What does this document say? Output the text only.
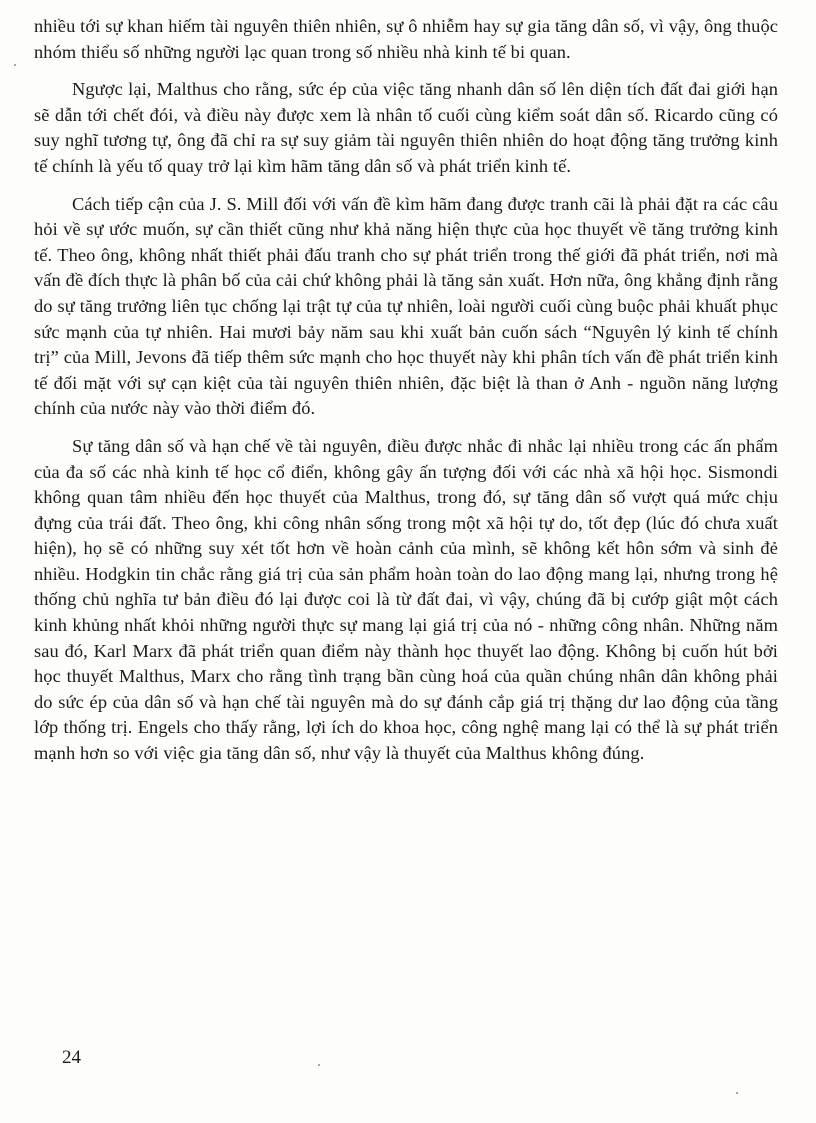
nhiều tới sự khan hiếm tài nguyên thiên nhiên, sự ô nhiễm hay sự gia tăng dân số, vì vậy, ông thuộc nhóm thiểu số những người lạc quan trong số nhiều nhà kinh tế bi quan.

Ngược lại, Malthus cho rằng, sức ép của việc tăng nhanh dân số lên diện tích đất đai giới hạn sẽ dẫn tới chết đói, và điều này được xem là nhân tố cuối cùng kiểm soát dân số. Ricardo cũng có suy nghĩ tương tự, ông đã chỉ ra sự suy giảm tài nguyên thiên nhiên do hoạt động tăng trưởng kinh tế chính là yếu tố quay trở lại kìm hãm tăng dân số và phát triển kinh tế.

Cách tiếp cận của J. S. Mill đối với vấn đề kìm hãm đang được tranh cãi là phải đặt ra các câu hỏi về sự ước muốn, sự cần thiết cũng như khả năng hiện thực của học thuyết về tăng trưởng kinh tế. Theo ông, không nhất thiết phải đấu tranh cho sự phát triển trong thế giới đã phát triển, nơi mà vấn đề đích thực là phân bố của cải chứ không phải là tăng sản xuất. Hơn nữa, ông khẳng định rằng do sự tăng trưởng liên tục chống lại trật tự của tự nhiên, loài người cuối cùng buộc phải khuất phục sức mạnh của tự nhiên. Hai mươi bảy năm sau khi xuất bản cuốn sách “Nguyên lý kinh tế chính trị” của Mill, Jevons đã tiếp thêm sức mạnh cho học thuyết này khi phân tích vấn đề phát triển kinh tế đối mặt với sự cạn kiệt của tài nguyên thiên nhiên, đặc biệt là than ở Anh - nguồn năng lượng chính của nước này vào thời điểm đó.

Sự tăng dân số và hạn chế về tài nguyên, điều được nhắc đi nhắc lại nhiều trong các ấn phẩm của đa số các nhà kinh tế học cổ điển, không gây ấn tượng đối với các nhà xã hội học. Sismondi không quan tâm nhiều đến học thuyết của Malthus, trong đó, sự tăng dân số vượt quá mức chịu đựng của trái đất. Theo ông, khi công nhân sống trong một xã hội tự do, tốt đẹp (lúc đó chưa xuất hiện), họ sẽ có những suy xét tốt hơn về hoàn cảnh của mình, sẽ không kết hôn sớm và sinh đẻ nhiều. Hodgkin tin chắc rằng giá trị của sản phẩm hoàn toàn do lao động mang lại, nhưng trong hệ thống chủ nghĩa tư bản điều đó lại được coi là từ đất đai, vì vậy, chúng đã bị cướp giật một cách kinh khủng nhất khỏi những người thực sự mang lại giá trị của nó - những công nhân. Những năm sau đó, Karl Marx đã phát triển quan điểm này thành học thuyết lao động. Không bị cuốn hút bởi học thuyết Malthus, Marx cho rằng tình trạng bần cùng hoá của quần chúng nhân dân không phải do sức ép của dân số và hạn chế tài nguyên mà do sự đánh cắp giá trị thặng dư lao động của tầng lớp thống trị. Engels cho thấy rằng, lợi ích do khoa học, công nghệ mang lại có thể là sự phát triển mạnh hơn so với việc gia tăng dân số, như vậy là thuyết của Malthus không đúng.

24
